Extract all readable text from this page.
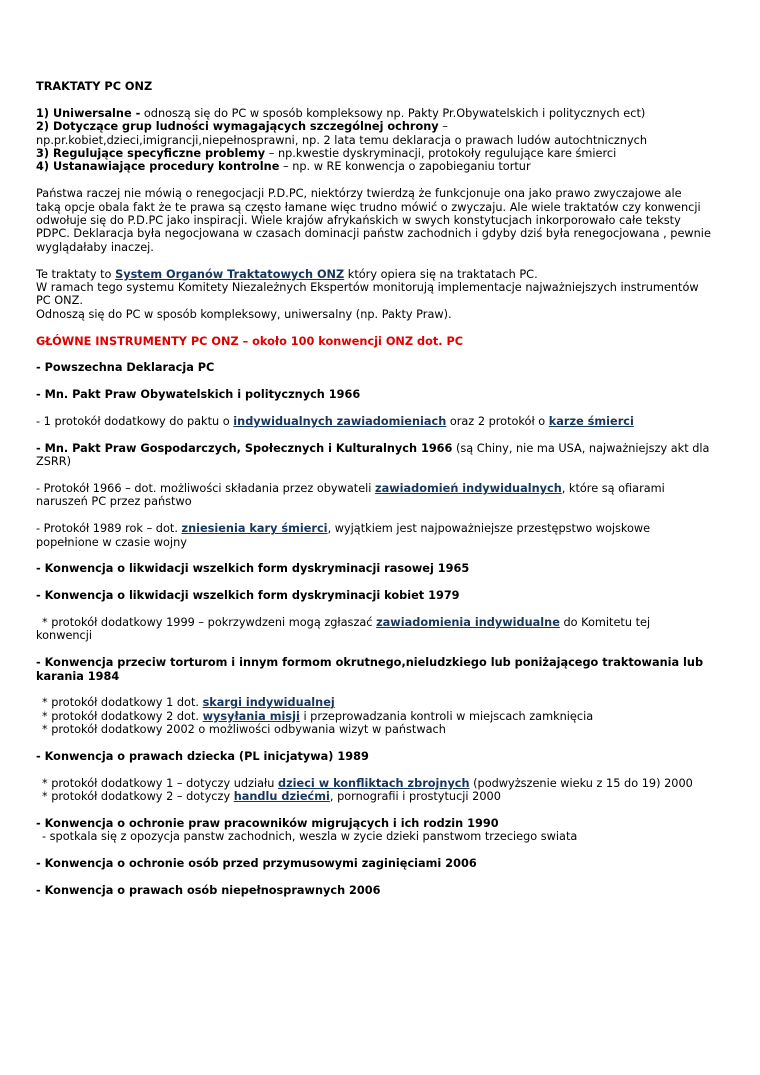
TRAKTATY PC ONZ

1) Uniwersalne - odnoszą się do PC w sposób kompleksowy np. Pakty Pr.Obywatelskich i politycznych ect)

2) Dotyczące grup ludności wymagających szczególnej ochrony –

np.pr.kobiet,dzieci,imigrancji,niepełnosprawni, np. 2 lata temu deklaracja o prawach ludów autochtnicznych

3) Regulujące specyficzne problemy – np.kwestie dyskryminacji, protokoły regulujące kare śmierci

4) Ustanawiające procedury kontrolne – np. w RE konwencja o zapobieganiu tortur

Państwa raczej nie mówią o renegocjacji P.D.PC, niektórzy twierdzą że funkcjonuje ona jako prawo zwyczajowe ale

taką opcje obala fakt że te prawa są często łamane więc trudno mówić o zwyczaju. Ale wiele traktatów czy konwencji

odwołuje się do P.D.PC jako inspiracji. Wiele krajów afrykańskich w swych konstytucjach inkorporowało całe teksty

PDPC. Deklaracja była negocjowana w czasach dominacji państw zachodnich i gdyby dziś była renegocjowana , pewnie

wyglądałaby inaczej.

Te traktaty to System Organów Traktatowych ONZ który opiera się na traktatach PC.

W ramach tego systemu Komitety Niezależnych Ekspertów monitorują implementacje najważniejszych instrumentów

PC ONZ.

Odnoszą się do PC w sposób kompleksowy, uniwersalny (np. Pakty Praw).

GŁÓWNE INSTRUMENTY PC ONZ – około 100 konwencji ONZ dot. PC

- Powszechna Deklaracja PC

- Mn. Pakt Praw Obywatelskich i politycznych 1966

- 1 protokół dodatkowy do paktu o indywidualnych zawiadomieniach oraz 2 protokół o karze śmierci

- Mn. Pakt Praw Gospodarczych, Społecznych i Kulturalnych 1966 (są Chiny, nie ma USA, najważniejszy akt dla

ZSRR)

- Protokół 1966 – dot. możliwości składania przez obywateli zawiadomień indywidualnych, które są ofiarami

naruszeń PC przez państwo

- Protokół 1989 rok – dot. zniesienia kary śmierci, wyjątkiem jest najpoważniejsze przestępstwo wojskowe

popełnione w czasie wojny

- Konwencja o likwidacji wszelkich form dyskryminacji rasowej 1965

- Konwencja o likwidacji wszelkich form dyskryminacji kobiet 1979

* protokół dodatkowy 1999 – pokrzywdzeni mogą zgłaszać zawiadomienia indywidualne do Komitetu tej

konwencji

- Konwencja przeciw torturom i innym formom okrutnego,nieludzkiego lub poniżającego traktowania lub

karania 1984

* protokół dodatkowy 1 dot. skargi indywidualnej

* protokół dodatkowy 2 dot. wysyłania misji i przeprowadzania kontroli w miejscach zamknięcia

* protokół dodatkowy 2002 o możliwości odbywania wizyt w państwach

- Konwencja o prawach dziecka (PL inicjatywa) 1989

* protokół dodatkowy 1 – dotyczy udziału dzieci w konfliktach zbrojnych (podwyższenie wieku z 15 do 19) 2000

* protokół dodatkowy 2 – dotyczy handlu dziećmi, pornografii i prostytucji 2000

- Konwencja o ochronie praw pracowników migrujących i ich rodzin 1990

- spotkala się z opozycja panstw zachodnich, weszla w zycie dzieki panstwom trzeciego swiata

- Konwencja o ochronie osób przed przymusowymi zaginięciami 2006

- Konwencja o prawach osób niepełnosprawnych 2006
